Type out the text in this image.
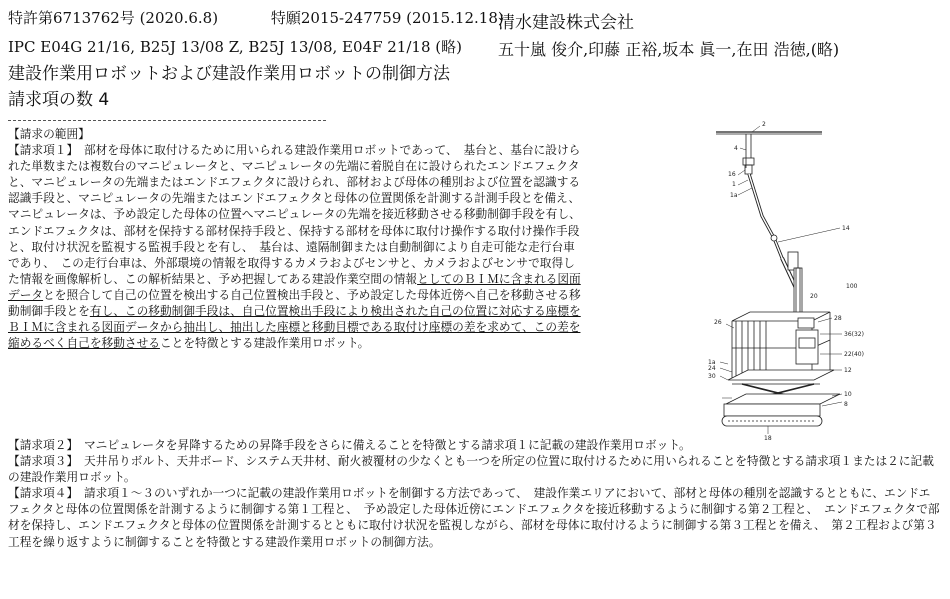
特許第6713762号 (2020.6.8)	特願2015-247759 (2015.12.18)
清水建設株式会社
IPC E04G 21/16, B25J 13/08 Z, B25J 13/08, E04F 21/18 (略) 五十嵐 俊介,印藤 正裕,坂本 眞一,在田 浩徳,(略)
建設作業用ロボットおよび建設作業用ロボットの制御方法
請求項の数 4

【請求の範囲】

【請求項１】　部材を母体に取付けるために用いられる建設作業用ロボットであって、　基台と、基台に設けられた単数または複数台のマニピュレータと、マニピュレータの先端に着脱自在に設けられたエンドエフェクタと、マニピュレータの先端またはエンドエフェクタに設けられ、部材および母体の種別および位置を認識する認識手段と、マニピュレータの先端またはエンドエフェクタと母体の位置関係を計測する計測手段とを備え、　マニピュレータは、予め設定した母体の位置へマニピュレータの先端を接近移動させる移動制御手段を有し、　エンドエフェクタは、部材を保持する部材保持手段と、保持する部材を母体に取付け操作する取付け操作手段と、取付け状況を監視する監視手段とを有し、　基台は、遠隔制御または自動制御により自走可能な走行台車であり、　この走行台車は、外部環境の情報を取得するカメラおよびセンサと、カメラおよびセンサで取得した情報を画像解析し、この解析結果と、予め把握してある建設作業空間の情報としてのＢＩＭに含まれる図面データとを照合して自己の位置を検出する自己位置検出手段と、予め設定した母体近傍へ自己を移動させる移動制御手段とを有し、この移動制御手段は、自己位置検出手段により検出された自己の位置に対応する座標をＢＩＭに含まれる図面データから抽出し、抽出した座標と移動目標である取付け座標の差を求めて、この差を縮めるべく自己を移動させることを特徴とする建設作業用ロボット。

【請求項２】　マニピュレータを昇降するための昇降手段をさらに備えることを特徴とする請求項１に記載の建設作業用ロボット。

【請求項３】　天井吊りボルト、天井ボード、システム天井材、耐火被覆材の少なくとも一つを所定の位置に取付けるために用いられることを特徴とする請求項１または２に記載の建設作業用ロボット。

【請求項４】　請求項１～３のいずれか一つに記載の建設作業用ロボットを制御する方法であって、　建設作業エリアにおいて、部材と母体の種別を認識するとともに、エンドエフェクタと母体の位置関係を計測するように制御する第１工程と、　予め設定した母体近傍にエンドエフェクタを接近移動するように制御する第２工程と、　エンドエフェクタで部材を保持し、エンドエフェクタと母体の位置関係を計測するとともに取付け状況を監視しながら、部材を母体に取付けるように制御する第３工程とを備え、　第２工程および第３工程を繰り返すように制御することを特徴とする建設作業用ロボットの制御方法。

2
4
16
1
1a
14
100
20
26
28
36(32)
22(40)
12
10
8
1a
24
30
18
